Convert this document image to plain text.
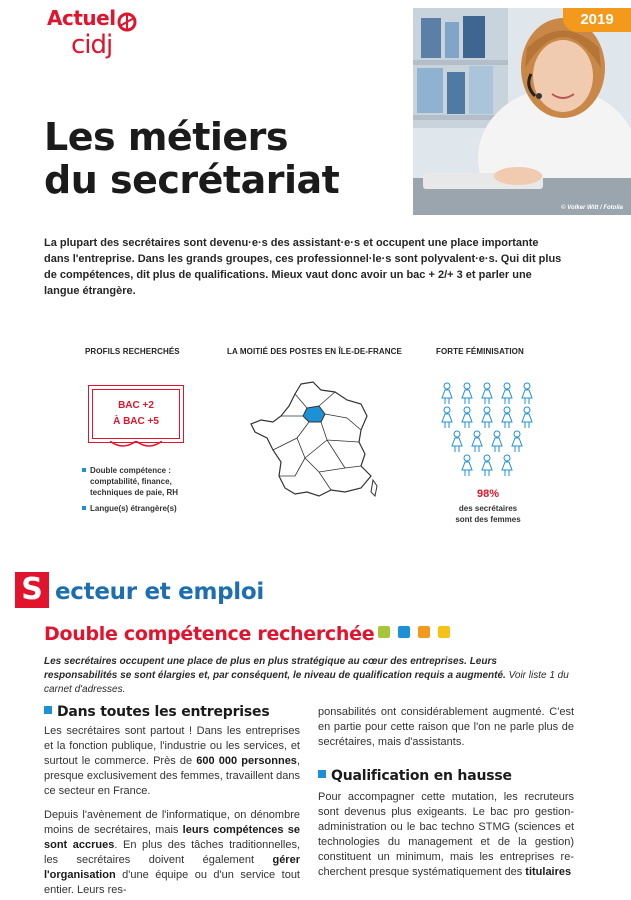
Actuel
cidj
© Volker Witt / Fotolia
2019
Les métiers
du secrétariat
La plupart des secrétaires sont devenu·e·s des assistant·e·s et occupent une place importante dans l'entreprise. Dans les grands groupes, ces professionnel·le·s sont polyvalent·e·s. Qui dit plus de compétences, dit plus de qualifications. Mieux vaut donc avoir un bac + 2/+ 3 et parler une langue étrangère.
PROFILS RECHERCHÉS	LA MOITIÉ DES POSTES EN ÎLE-DE-FRANCE	FORTE FÉMINISATION
BAC +2
À BAC +5
Double compétence : comptabilité, finance, techniques de paie, RH
Langue(s) étrangère(s)
98%
des secrétaires
sont des femmes
S ecteur et emploi
Double compétence recherchée
Les secrétaires occupent une place de plus en plus stratégique au cœur des entreprises. Leurs responsabilités se sont élargies et, par conséquent, le niveau de qualification requis a augmenté. Voir liste 1 du carnet d'adresses.
Dans toutes les entreprises

Les secrétaires sont partout ! Dans les entreprises et la fonction publique, l'industrie ou les services, et surtout le commerce. Près de 600 000 personnes, presque exclusivement des femmes, travaillent dans ce secteur en France.

Depuis l'avènement de l'informatique, on dénombre moins de secrétaires, mais leurs compétences se sont accrues. En plus des tâches traditionnelles, les secrétaires doivent également gérer l'organisation d'une équipe ou d'un service tout entier. Leurs res-

ponsabilités ont considérablement augmenté. C'est en partie pour cette raison que l'on ne parle plus de secrétaires, mais d'assistants.

Qualification en hausse

Pour accompagner cette mutation, les recruteurs sont devenus plus exigeants. Le bac pro gestion-administration ou le bac techno STMG (sciences et technologies du management et de la gestion) constituent un minimum, mais les entreprises re-cherchent presque systématiquement des titulaires
